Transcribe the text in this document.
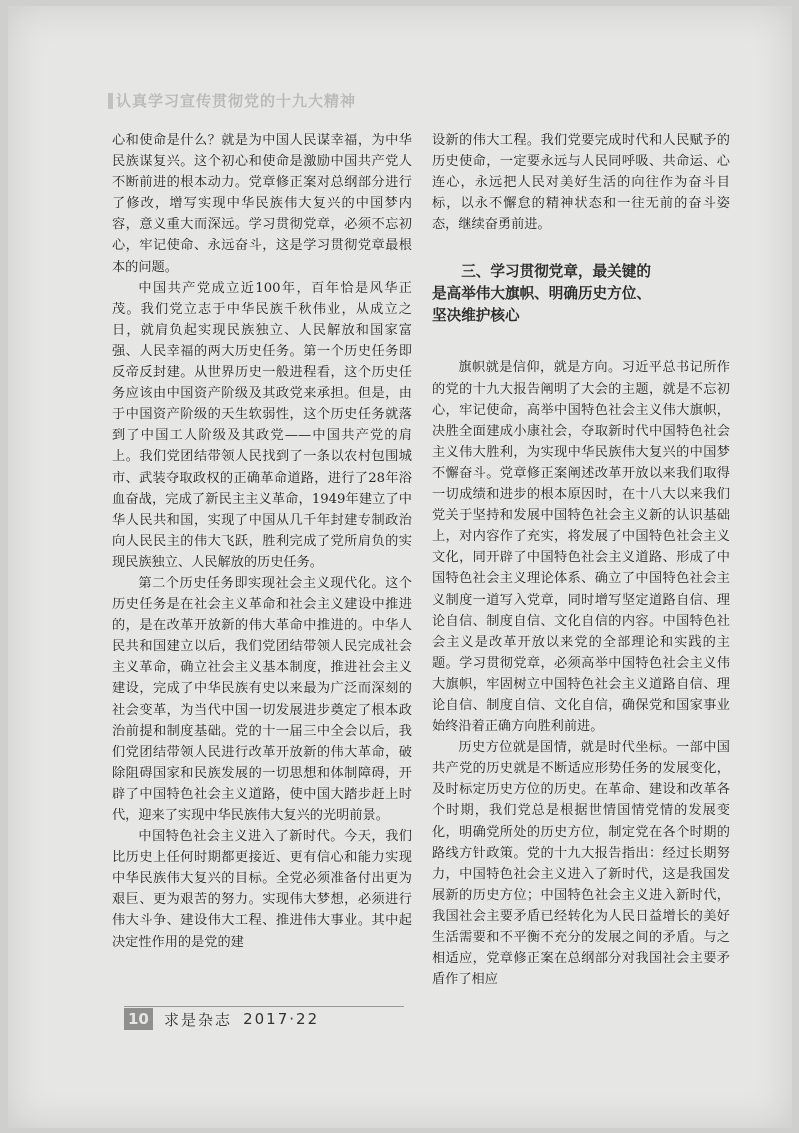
认真学习宣传贯彻党的十九大精神

心和使命是什么？就是为中国人民谋幸福，为中华民族谋复兴。这个初心和使命是激励中国共产党人不断前进的根本动力。党章修正案对总纲部分进行了修改，增写实现中华民族伟大复兴的中国梦内容，意义重大而深远。学习贯彻党章，必须不忘初心，牢记使命、永远奋斗，这是学习贯彻党章最根本的问题。

中国共产党成立近100年，百年恰是风华正茂。我们党立志于中华民族千秋伟业，从成立之日，就肩负起实现民族独立、人民解放和国家富强、人民幸福的两大历史任务。第一个历史任务即反帝反封建。从世界历史一般进程看，这个历史任务应该由中国资产阶级及其政党来承担。但是，由于中国资产阶级的天生软弱性，这个历史任务就落到了中国工人阶级及其政党——中国共产党的肩上。我们党团结带领人民找到了一条以农村包围城市、武装夺取政权的正确革命道路，进行了28年浴血奋战，完成了新民主主义革命，1949年建立了中华人民共和国，实现了中国从几千年封建专制政治向人民民主的伟大飞跃，胜利完成了党所肩负的实现民族独立、人民解放的历史任务。

第二个历史任务即实现社会主义现代化。这个历史任务是在社会主义革命和社会主义建设中推进的，是在改革开放新的伟大革命中推进的。中华人民共和国建立以后，我们党团结带领人民完成社会主义革命，确立社会主义基本制度，推进社会主义建设，完成了中华民族有史以来最为广泛而深刻的社会变革，为当代中国一切发展进步奠定了根本政治前提和制度基础。党的十一届三中全会以后，我们党团结带领人民进行改革开放新的伟大革命，破除阻碍国家和民族发展的一切思想和体制障碍，开辟了中国特色社会主义道路，使中国大踏步赶上时代，迎来了实现中华民族伟大复兴的光明前景。

中国特色社会主义进入了新时代。今天，我们比历史上任何时期都更接近、更有信心和能力实现中华民族伟大复兴的目标。全党必须准备付出更为艰巨、更为艰苦的努力。实现伟大梦想，必须进行伟大斗争、建设伟大工程、推进伟大事业。其中起决定性作用的是党的建

设新的伟大工程。我们党要完成时代和人民赋予的历史使命，一定要永远与人民同呼吸、共命运、心连心，永远把人民对美好生活的向往作为奋斗目标，以永不懈怠的精神状态和一往无前的奋斗姿态，继续奋勇前进。

三、学习贯彻党章，最关键的
是高举伟大旗帜、明确历史方位、
坚决维护核心

旗帜就是信仰，就是方向。习近平总书记所作的党的十九大报告阐明了大会的主题，就是不忘初心，牢记使命，高举中国特色社会主义伟大旗帜，决胜全面建成小康社会，夺取新时代中国特色社会主义伟大胜利，为实现中华民族伟大复兴的中国梦不懈奋斗。党章修正案阐述改革开放以来我们取得一切成绩和进步的根本原因时，在十八大以来我们党关于坚持和发展中国特色社会主义新的认识基础上，对内容作了充实，将发展了中国特色社会主义文化，同开辟了中国特色社会主义道路、形成了中国特色社会主义理论体系、确立了中国特色社会主义制度一道写入党章，同时增写坚定道路自信、理论自信、制度自信、文化自信的内容。中国特色社会主义是改革开放以来党的全部理论和实践的主题。学习贯彻党章，必须高举中国特色社会主义伟大旗帜，牢固树立中国特色社会主义道路自信、理论自信、制度自信、文化自信，确保党和国家事业始终沿着正确方向胜利前进。

历史方位就是国情，就是时代坐标。一部中国共产党的历史就是不断适应形势任务的发展变化，及时标定历史方位的历史。在革命、建设和改革各个时期，我们党总是根据世情国情党情的发展变化，明确党所处的历史方位，制定党在各个时期的路线方针政策。党的十九大报告指出：经过长期努力，中国特色社会主义进入了新时代，这是我国发展新的历史方位；中国特色社会主义进入新时代，我国社会主要矛盾已经转化为人民日益增长的美好生活需要和不平衡不充分的发展之间的矛盾。与之相适应，党章修正案在总纲部分对我国社会主要矛盾作了相应

10 求是杂志 2017·22
